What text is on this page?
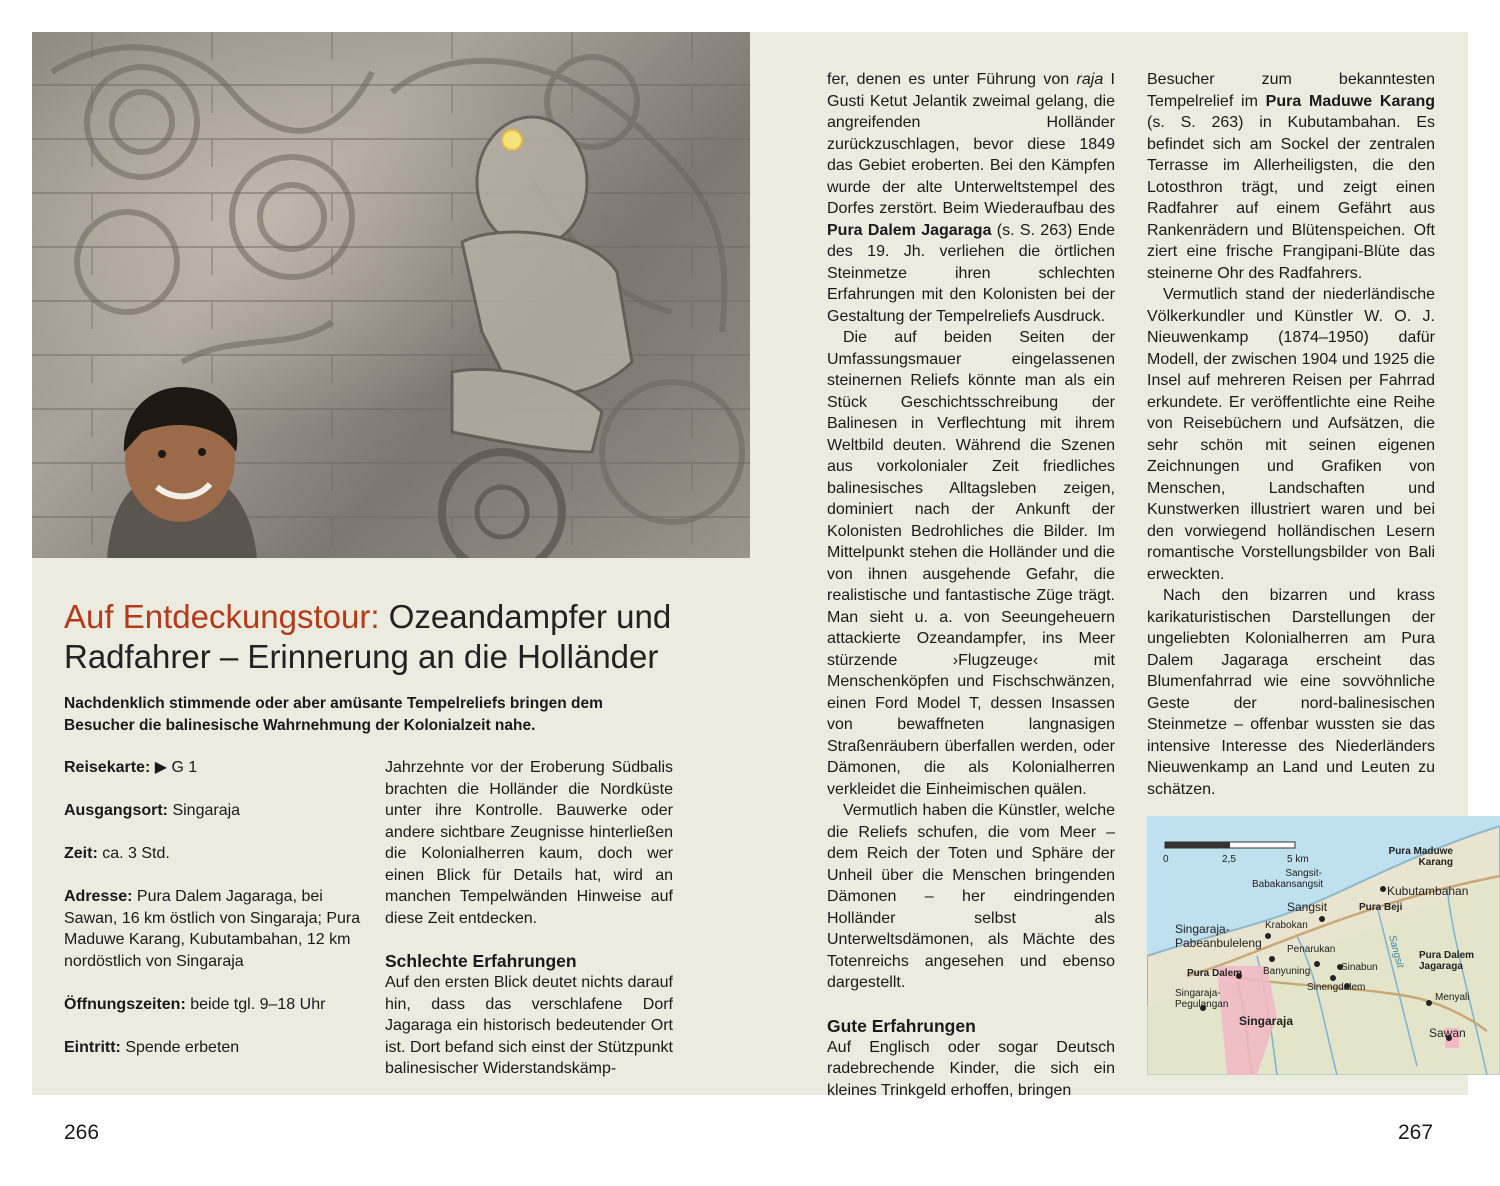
Auf Entdeckungstour: Ozeandampfer und Radfahrer – Erinnerung an die Holländer
Nachdenklich stimmende oder aber amüsante Tempelreliefs bringen dem Besucher die balinesische Wahrnehmung der Kolonialzeit nahe.
Reisekarte: ▶ G 1
Ausgangsort: Singaraja
Zeit: ca. 3 Std.
Adresse: Pura Dalem Jagaraga, bei Sawan, 16 km östlich von Singaraja; Pura Maduwe Karang, Kubutambahan, 12 km nordöstlich von Singaraja
Öffnungszeiten: beide tgl. 9–18 Uhr
Eintritt: Spende erbeten

Jahrzehnte vor der Eroberung Südbalis brachten die Holländer die Nordküste unter ihre Kontrolle. Bauwerke oder andere sichtbare Zeugnisse hinterließen die Kolonialherren kaum, doch wer einen Blick für Details hat, wird an manchen Tempelwänden Hinweise auf diese Zeit entdecken.

Schlechte Erfahrungen

Auf den ersten Blick deutet nichts darauf hin, dass das verschlafene Dorf Jagaraga ein historisch bedeutender Ort ist. Dort befand sich einst der Stützpunkt balinesischer Widerstandskämp-

fer, denen es unter Führung von raja I Gusti Ketut Jelantik zweimal gelang, die angreifenden Holländer zurückzuschlagen, bevor diese 1849 das Gebiet eroberten. Bei den Kämpfen wurde der alte Unterweltstempel des Dorfes zerstört. Beim Wiederaufbau des Pura Dalem Jagaraga (s. S. 263) Ende des 19. Jh. verliehen die örtlichen Steinmetze ihren schlechten Erfahrungen mit den Kolonisten bei der Gestaltung der Tempelreliefs Ausdruck.

Die auf beiden Seiten der Umfassungsmauer eingelassenen steinernen Reliefs könnte man als ein Stück Geschichtsschreibung der Balinesen in Verflechtung mit ihrem Weltbild deuten. Während die Szenen aus vorkolonialer Zeit friedliches balinesisches Alltagsleben zeigen, dominiert nach der Ankunft der Kolonisten Bedrohliches die Bilder. Im Mittelpunkt stehen die Holländer und die von ihnen ausgehende Gefahr, die realistische und fantastische Züge trägt. Man sieht u. a. von Seeungeheuern attackierte Ozeandampfer, ins Meer stürzende ›Flugzeuge‹ mit Menschenköpfen und Fischschwänzen, einen Ford Model T, dessen Insassen von bewaffneten langnasigen Straßenräubern überfallen werden, oder Dämonen, die als Kolonialherren verkleidet die Einheimischen quälen.

Vermutlich haben die Künstler, welche die Reliefs schufen, die vom Meer – dem Reich der Toten und Sphäre der Unheil über die Menschen bringenden Dämonen – her eindringenden Holländer selbst als Unterweltsdämonen, als Mächte des Totenreichs angesehen und ebenso dargestellt.

Gute Erfahrungen

Auf Englisch oder sogar Deutsch radebrechende Kinder, die sich ein kleines Trinkgeld erhoffen, bringen

Besucher zum bekanntesten Tempelrelief im Pura Maduwe Karang (s. S. 263) in Kubutambahan. Es befindet sich am Sockel der zentralen Terrasse im Allerheiligsten, die den Lotosthron trägt, und zeigt einen Radfahrer auf einem Gefährt aus Rankenrädern und Blütenspeichen. Oft ziert eine frische Frangipani-Blüte das steinerne Ohr des Radfahrers.

Vermutlich stand der niederländische Völkerkundler und Künstler W. O. J. Nieuwenkamp (1874–1950) dafür Modell, der zwischen 1904 und 1925 die Insel auf mehreren Reisen per Fahrrad erkundete. Er veröffentlichte eine Reihe von Reisebüchern und Aufsätzen, die sehr schön mit seinen eigenen Zeichnungen und Grafiken von Menschen, Landschaften und Kunstwerken illustriert waren und bei den vorwiegend holländischen Lesern romantische Vorstellungsbilder von Bali erweckten.

Nach den bizarren und krass karikaturistischen Darstellungen der ungeliebten Kolonialherren am Pura Dalem Jagaraga erscheint das Blumenfahrrad wie eine sovvöhnliche Geste der nord-balinesischen Steinmetze – offenbar wussten sie das intensive Interesse des Niederländers Nieuwenkamp an Land und Leuten zu schätzen.

0	2,5	5 km
Pura Maduwe Karang
Kubutambahan
Sangsit-Babakansangsit
Sangsit	Pura Beji
Krabokan
Singaraja-Pabeanbuleleng	Penarukan	Sangsit Pura Dalem Jagaraga
Pura Dalem Banyuning	Sinabun
Sinengdalem
Singaraja-Pegulangan
Menyali
Singaraja
Sawan
266	267
